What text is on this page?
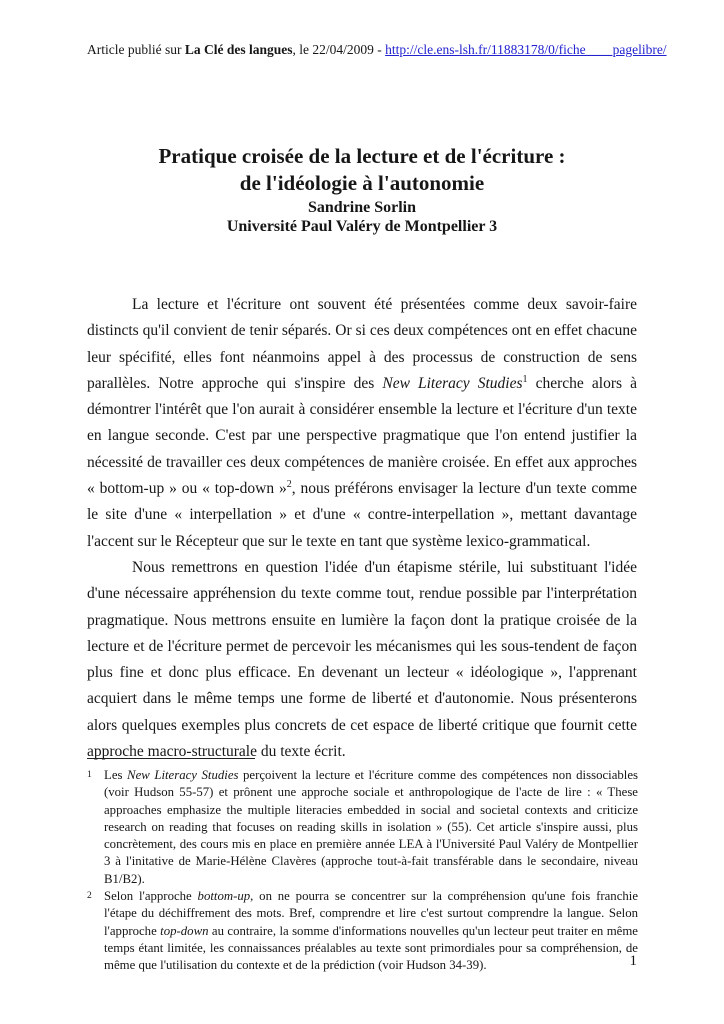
Article publié sur La Clé des langues, le 22/04/2009 - http://cle.ens-lsh.fr/11883178/0/fiche____pagelibre/
Pratique croisée de la lecture et de l'écriture :
de l'idéologie à l'autonomie
Sandrine Sorlin
Université Paul Valéry de Montpellier 3

La lecture et l'écriture ont souvent été présentées comme deux savoir-faire distincts qu'il convient de tenir séparés. Or si ces deux compétences ont en effet chacune leur spécifité, elles font néanmoins appel à des processus de construction de sens parallèles. Notre approche qui s'inspire des New Literacy Studies$^1$ cherche alors à démontrer l'intérêt que l'on aurait à considérer ensemble la lecture et l'écriture d'un texte en langue seconde. C'est par une perspective pragmatique que l'on entend justifier la nécessité de travailler ces deux compétences de manière croisée. En effet aux approches « bottom-up » ou « top-down »$^2$, nous préférons envisager la lecture d'un texte comme le site d'une « interpellation » et d'une « contre-interpellation », mettant davantage l'accent sur le Récepteur que sur le texte en tant que système lexico-grammatical.

Nous remettrons en question l'idée d'un étapisme stérile, lui substituant l'idée d'une nécessaire appréhension du texte comme tout, rendue possible par l'interprétation pragmatique. Nous mettrons ensuite en lumière la façon dont la pratique croisée de la lecture et de l'écriture permet de percevoir les mécanismes qui les sous-tendent de façon plus fine et donc plus efficace. En devenant un lecteur « idéologique », l'apprenant acquiert dans le même temps une forme de liberté et d'autonomie. Nous présenterons alors quelques exemples plus concrets de cet espace de liberté critique que fournit cette approche macro-structurale du texte écrit.

1 Les New Literacy Studies perçoivent la lecture et l'écriture comme des compétences non dissociables (voir Hudson 55-57) et prônent une approche sociale et anthropologique de l'acte de lire : « These approaches emphasize the multiple literacies embedded in social and societal contexts and criticize research on reading that focuses on reading skills in isolation » (55). Cet article s'inspire aussi, plus concrètement, des cours mis en place en première année LEA à l'Université Paul Valéry de Montpellier 3 à l'initative de Marie-Hélène Clavères (approche tout-à-fait transférable dans le secondaire, niveau B1/B2).
2 Selon l'approche bottom-up, on ne pourra se concentrer sur la compréhension qu'une fois franchie l'étape du déchiffrement des mots. Bref, comprendre et lire c'est surtout comprendre la langue. Selon l'approche top-down au contraire, la somme d'informations nouvelles qu'un lecteur peut traiter en même temps étant limitée, les connaissances préalables au texte sont primordiales pour sa compréhension, de même que l'utilisation du contexte et de la prédiction (voir Hudson 34-39).	1
